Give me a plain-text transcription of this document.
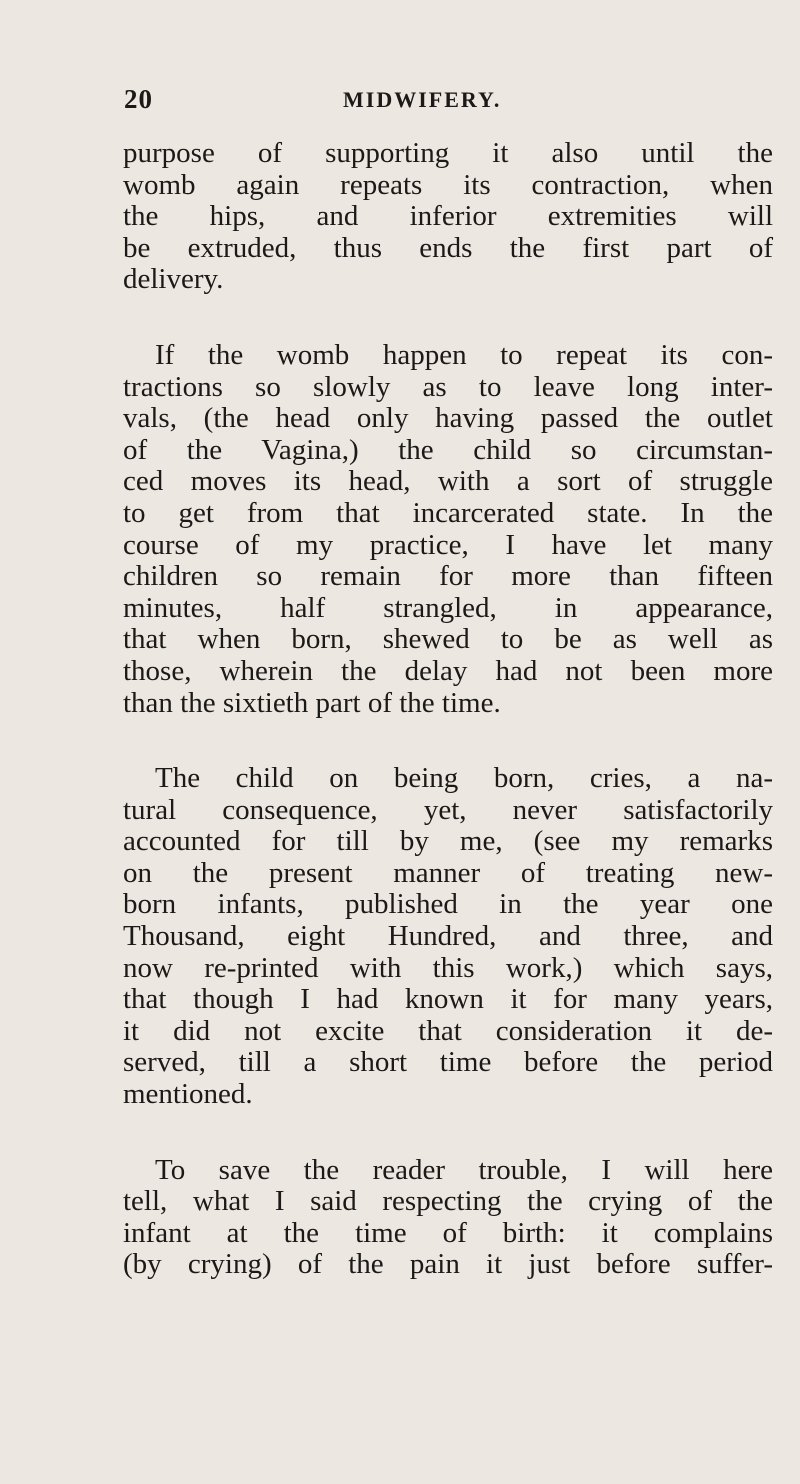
20	MIDWIFERY.
purpose of supporting it also until the
womb again repeats its contraction, when
the hips, and inferior extremities will
be extruded, thus ends the first part of
delivery.
If the womb happen to repeat its con-
tractions so slowly as to leave long inter-
vals, (the head only having passed the outlet
of the Vagina,) the child so circumstan-
ced moves its head, with a sort of struggle
to get from that incarcerated state. In the
course of my practice, I have let many
children so remain for more than fifteen
minutes, half strangled, in appearance,
that when born, shewed to be as well as
those, wherein the delay had not been more
than the sixtieth part of the time.
The child on being born, cries, a na-
tural consequence, yet, never satisfactorily
accounted for till by me, (see my remarks
on the present manner of treating new-
born infants, published in the year one
Thousand, eight Hundred, and three, and
now re-printed with this work,) which says,
that though I had known it for many years,
it did not excite that consideration it de-
served, till a short time before the period
mentioned.
To save the reader trouble, I will here
tell, what I said respecting the crying of the
infant at the time of birth: it complains
(by crying) of the pain it just before suffer-
